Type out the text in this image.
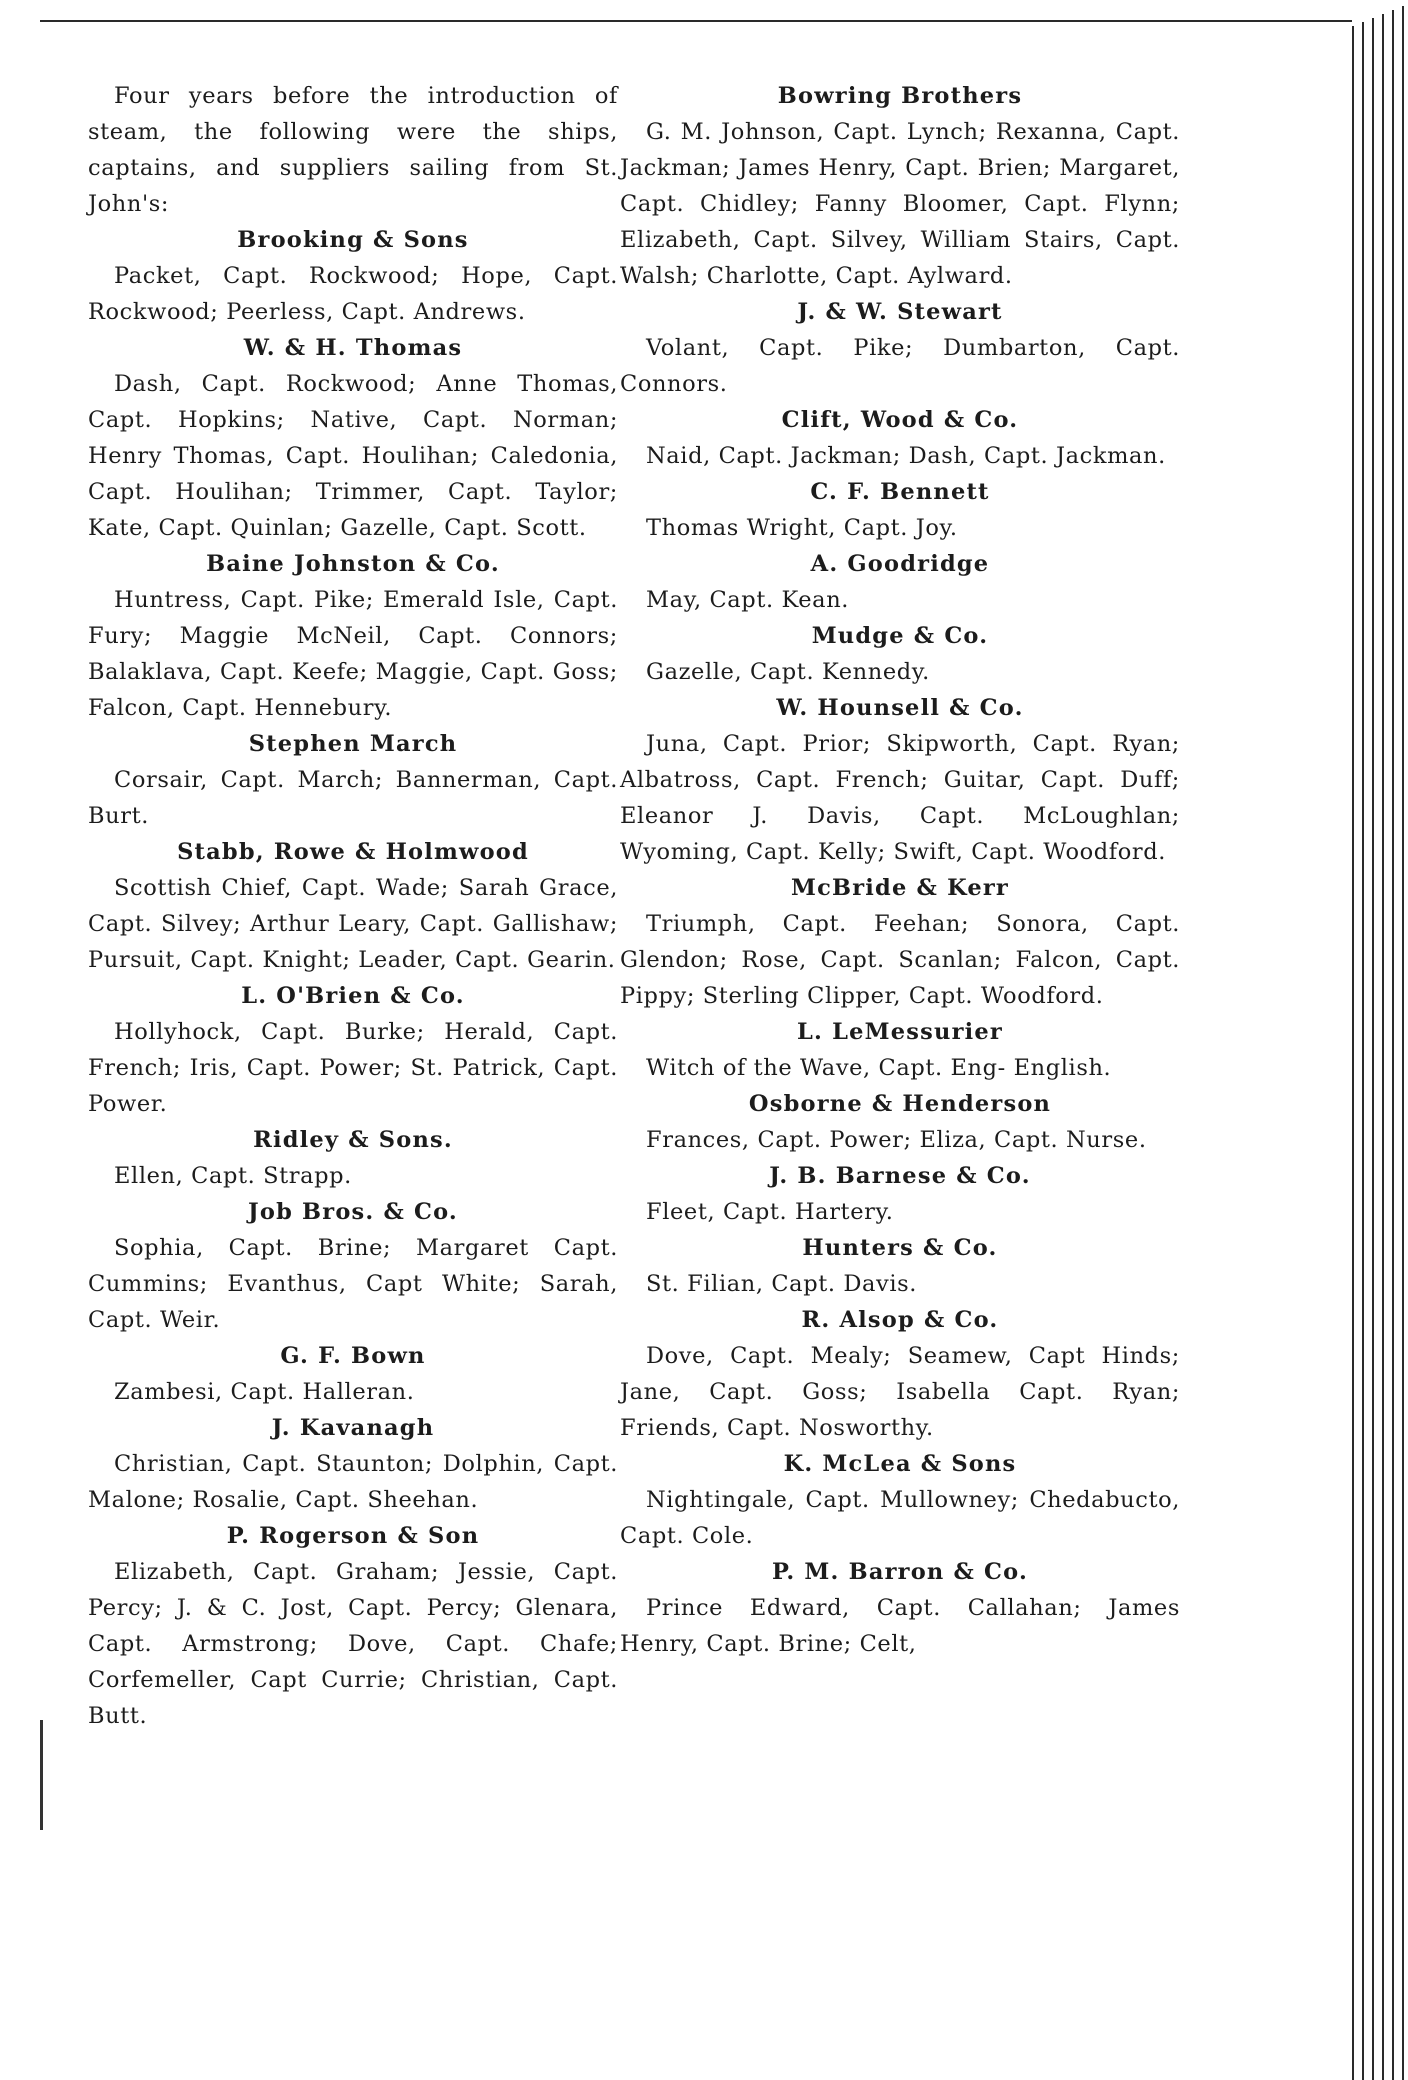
Four years before the introduction of steam, the following were the ships, captains, and suppliers sailing from St. John's:

Brooking & Sons

Packet, Capt. Rockwood; Hope, Capt. Rockwood; Peerless, Capt. Andrews.

W. & H. Thomas

Dash, Capt. Rockwood; Anne Thomas, Capt. Hopkins; Native, Capt. Norman; Henry Thomas, Capt. Houlihan; Caledonia, Capt. Houlihan; Trimmer, Capt. Taylor; Kate, Capt. Quinlan; Gazelle, Capt. Scott.

Baine Johnston & Co.

Huntress, Capt. Pike; Emerald Isle, Capt. Fury; Maggie McNeil, Capt. Connors; Balaklava, Capt. Keefe; Maggie, Capt. Goss; Falcon, Capt. Hennebury.

Stephen March

Corsair, Capt. March; Bannerman, Capt. Burt.

Stabb, Rowe & Holmwood

Scottish Chief, Capt. Wade; Sarah Grace, Capt. Silvey; Arthur Leary, Capt. Gallishaw; Pursuit, Capt. Knight; Leader, Capt. Gearin.

L. O'Brien & Co.

Hollyhock, Capt. Burke; Herald, Capt. French; Iris, Capt. Power; St. Patrick, Capt. Power.

Ridley & Sons.

Ellen, Capt. Strapp.

Job Bros. & Co.

Sophia, Capt. Brine; Margaret Capt. Cummins; Evanthus, Capt White; Sarah, Capt. Weir.

G. F. Bown

Zambesi, Capt. Halleran.

J. Kavanagh

Christian, Capt. Staunton; Dolphin, Capt. Malone; Rosalie, Capt. Sheehan.

P. Rogerson & Son

Elizabeth, Capt. Graham; Jessie, Capt. Percy; J. & C. Jost, Capt. Percy; Glenara, Capt. Armstrong; Dove, Capt. Chafe; Corfemeller, Capt Currie; Christian, Capt. Butt.

Bowring Brothers

G. M. Johnson, Capt. Lynch; Rexanna, Capt. Jackman; James Henry, Capt. Brien; Margaret, Capt. Chidley; Fanny Bloomer, Capt. Flynn; Elizabeth, Capt. Silvey, William Stairs, Capt. Walsh; Charlotte, Capt. Aylward.

J. & W. Stewart

Volant, Capt. Pike; Dumbarton, Capt. Connors.

Clift, Wood & Co.

Naid, Capt. Jackman; Dash, Capt. Jackman.

C. F. Bennett

Thomas Wright, Capt. Joy.

A. Goodridge

May, Capt. Kean.

Mudge & Co.

Gazelle, Capt. Kennedy.

W. Hounsell & Co.

Juna, Capt. Prior; Skipworth, Capt. Ryan; Albatross, Capt. French; Guitar, Capt. Duff; Eleanor J. Davis, Capt. McLoughlan; Wyoming, Capt. Kelly; Swift, Capt. Woodford.

McBride & Kerr

Triumph, Capt. Feehan; Sonora, Capt. Glendon; Rose, Capt. Scanlan; Falcon, Capt. Pippy; Sterling Clipper, Capt. Woodford.

L. LeMessurier

Witch of the Wave, Capt. Eng- English.

Osborne & Henderson

Frances, Capt. Power; Eliza, Capt. Nurse.

J. B. Barnese & Co.

Fleet, Capt. Hartery.

Hunters & Co.

St. Filian, Capt. Davis.

R. Alsop & Co.

Dove, Capt. Mealy; Seamew, Capt Hinds; Jane, Capt. Goss; Isabella Capt. Ryan; Friends, Capt. Nosworthy.

K. McLea & Sons

Nightingale, Capt. Mullowney; Chedabucto, Capt. Cole.

P. M. Barron & Co.

Prince Edward, Capt. Callahan; James Henry, Capt. Brine; Celt,
